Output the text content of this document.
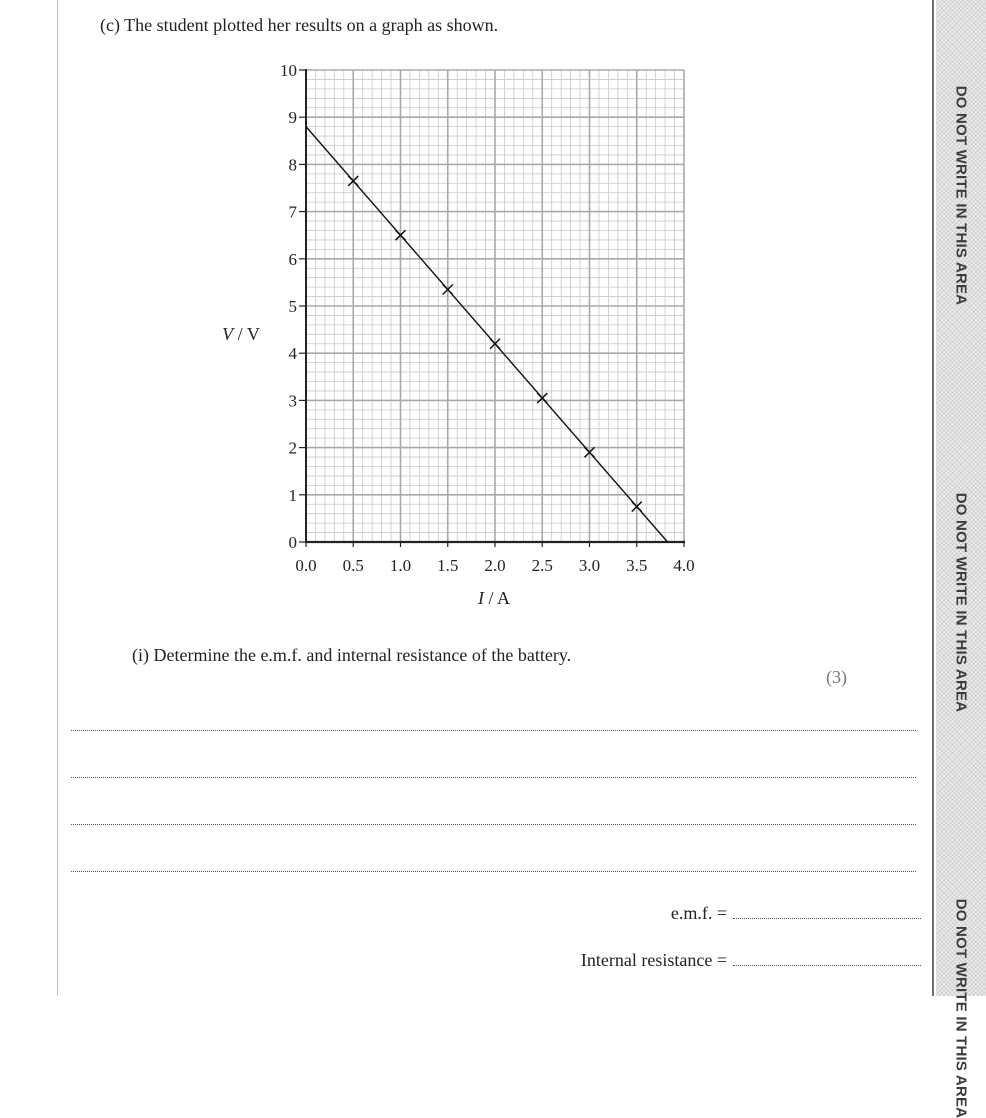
DO NOT WRITE IN THIS AREA
DO NOT WRITE IN THIS AREA
DO NOT WRITE IN THIS AREA
(c) The student plotted her results on a graph as shown.
0
1
2
3
4
5
6
7
8
9
10
0.0 0.5 1.0 1.5 2.0 2.5 3.0 3.5 4.0
V / V
I / A
(i) Determine the e.m.f. and internal resistance of the battery.
(3)
e.m.f. =
Internal resistance =
